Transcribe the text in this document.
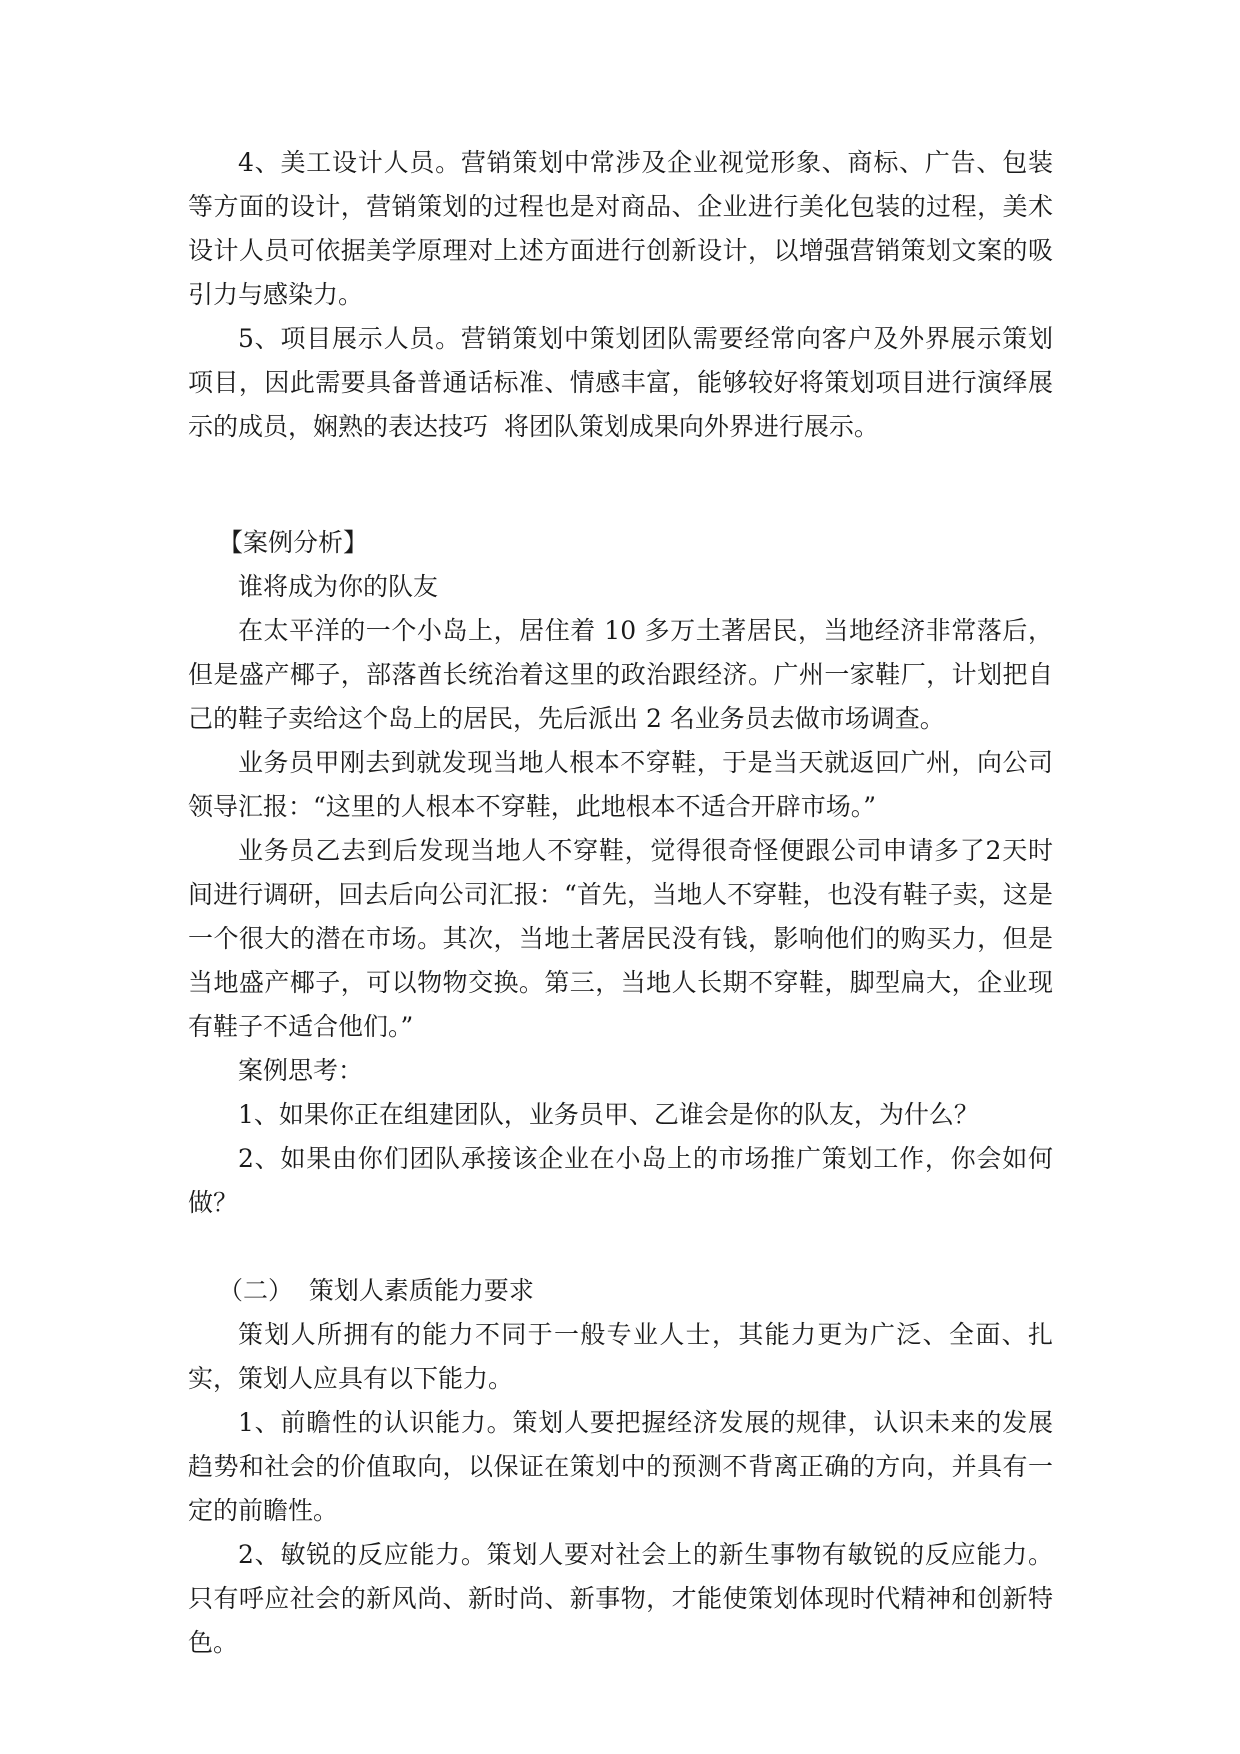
4、美工设计人员。营销策划中常涉及企业视觉形象、商标、广告、包装等方面的设计，营销策划的过程也是对商品、企业进行美化包装的过程，美术设计人员可依据美学原理对上述方面进行创新设计，以增强营销策划文案的吸引力与感染力。

5、项目展示人员。营销策划中策划团队需要经常向客户及外界展示策划项目，因此需要具备普通话标准、情感丰富，能够较好将策划项目进行演绎展示的成员，娴熟的表达技巧  将团队策划成果向外界进行展示。

【案例分析】

谁将成为你的队友

在太平洋的一个小岛上，居住着 10 多万土著居民，当地经济非常落后，但是盛产椰子，部落酋长统治着这里的政治跟经济。广州一家鞋厂，计划把自己的鞋子卖给这个岛上的居民，先后派出 2 名业务员去做市场调查。

业务员甲刚去到就发现当地人根本不穿鞋，于是当天就返回广州，向公司领导汇报：“这里的人根本不穿鞋，此地根本不适合开辟市场。”

业务员乙去到后发现当地人不穿鞋，觉得很奇怪便跟公司申请多了2天时间进行调研，回去后向公司汇报：“首先，当地人不穿鞋，也没有鞋子卖，这是一个很大的潜在市场。其次，当地土著居民没有钱，影响他们的购买力，但是当地盛产椰子，可以物物交换。第三，当地人长期不穿鞋，脚型扁大，企业现有鞋子不适合他们。”

案例思考：

1、如果你正在组建团队，业务员甲、乙谁会是你的队友，为什么？

2、如果由你们团队承接该企业在小岛上的市场推广策划工作，你会如何做？

（二）  策划人素质能力要求

策划人所拥有的能力不同于一般专业人士，其能力更为广泛、全面、扎实，策划人应具有以下能力。

1、前瞻性的认识能力。策划人要把握经济发展的规律，认识未来的发展趋势和社会的价值取向，以保证在策划中的预测不背离正确的方向，并具有一定的前瞻性。

2、敏锐的反应能力。策划人要对社会上的新生事物有敏锐的反应能力。只有呼应社会的新风尚、新时尚、新事物，才能使策划体现时代精神和创新特色。
